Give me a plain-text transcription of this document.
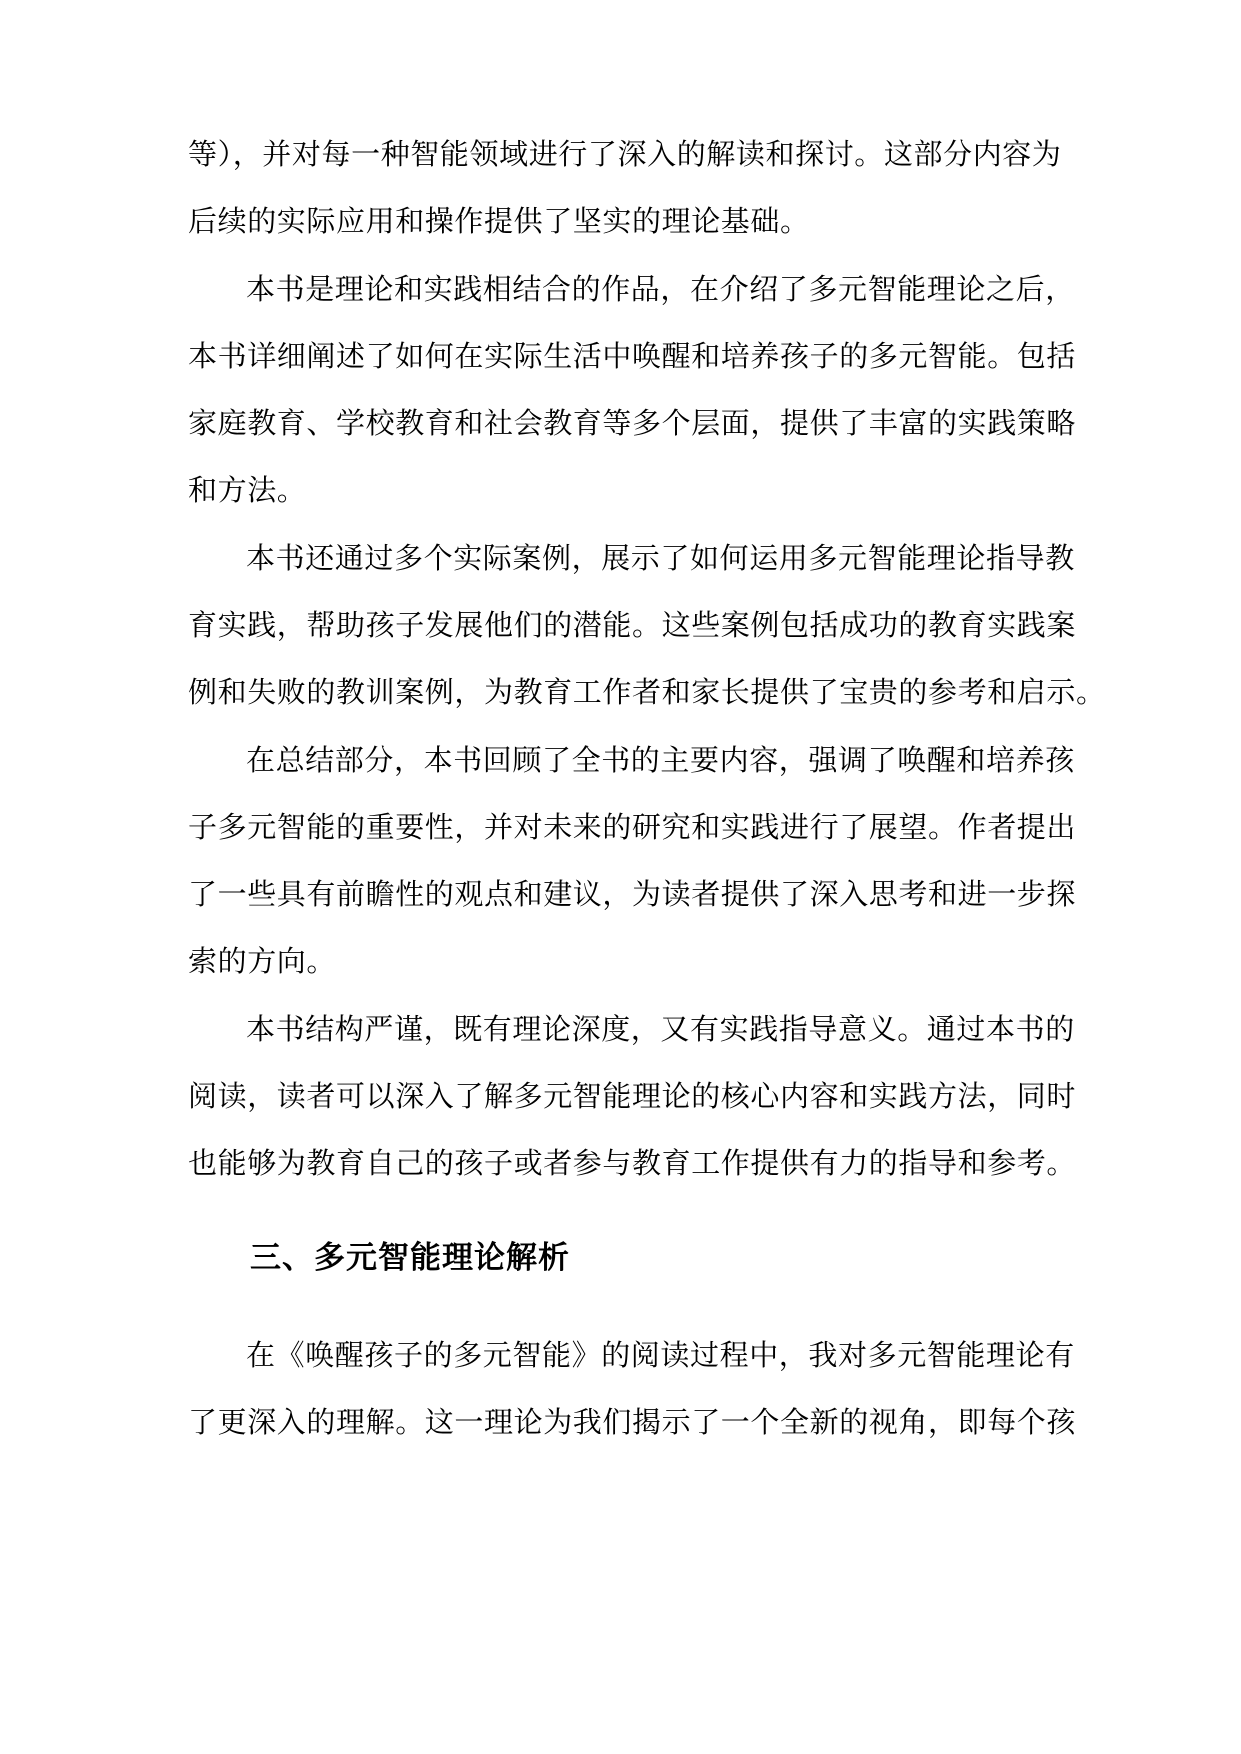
等），并对每一种智能领域进行了深入的解读和探讨。这部分内容为
后续的实际应用和操作提供了坚实的理论基础。
本书是理论和实践相结合的作品，在介绍了多元智能理论之后，
本书详细阐述了如何在实际生活中唤醒和培养孩子的多元智能。包括
家庭教育、学校教育和社会教育等多个层面，提供了丰富的实践策略
和方法。
本书还通过多个实际案例，展示了如何运用多元智能理论指导教
育实践，帮助孩子发展他们的潜能。这些案例包括成功的教育实践案
例和失败的教训案例，为教育工作者和家长提供了宝贵的参考和启示。
在总结部分，本书回顾了全书的主要内容，强调了唤醒和培养孩
子多元智能的重要性，并对未来的研究和实践进行了展望。作者提出
了一些具有前瞻性的观点和建议，为读者提供了深入思考和进一步探
索的方向。
本书结构严谨，既有理论深度，又有实践指导意义。通过本书的
阅读，读者可以深入了解多元智能理论的核心内容和实践方法，同时
也能够为教育自己的孩子或者参与教育工作提供有力的指导和参考。
三、多元智能理论解析
在《唤醒孩子的多元智能》的阅读过程中，我对多元智能理论有
了更深入的理解。这一理论为我们揭示了一个全新的视角，即每个孩
